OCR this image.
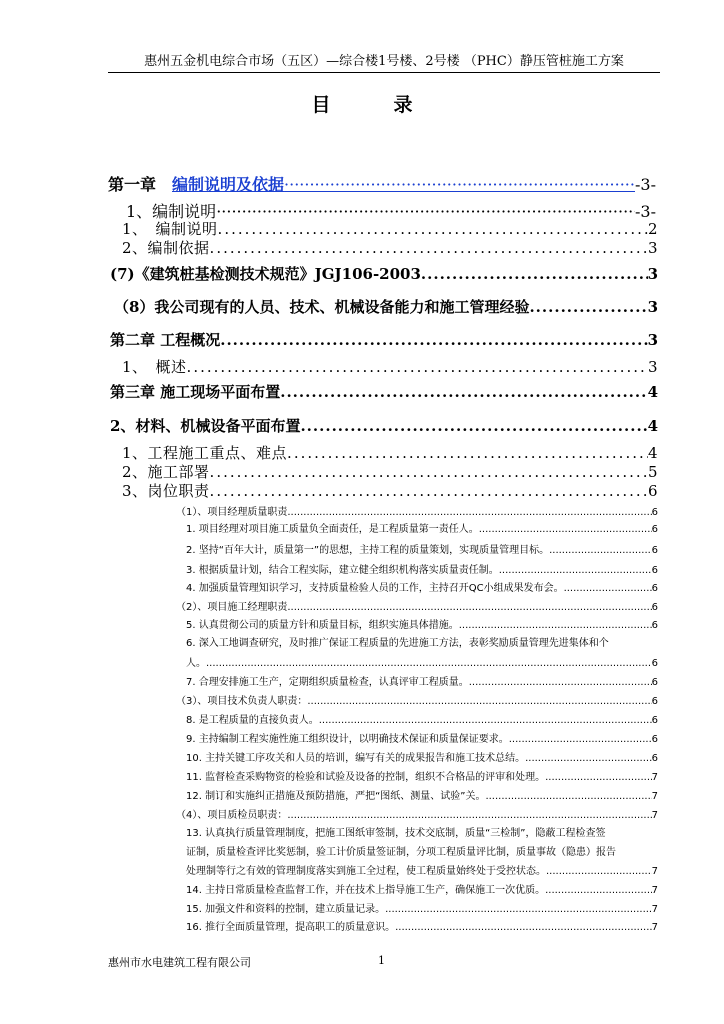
惠州五金机电综合市场（五区）—综合楼1号楼、2号楼 （PHC）静压管桩施工方案
目　录
第一章　 编制说明及依据 ·····	-3-
1、编制说明 ·····	-3-
1、　编制说明 .....	2
2、编制依据 .....	3
(7)《建筑桩基检测技术规范》JGJ106-2003 .....	3
（8）我公司现有的人员、技术、机械设备能力和施工管理经验 .....	3
第二章 工程概况 .....	3
1、　概述 .....	3
第三章 施工现场平面布置 .....	4
2、材料、机械设备平面布置 .....	4
1、工程施工重点、难点 .....	4
2、施工部署 .....	5
3、岗位职责 .....	6
（1）、项目经理质量职责 .....	6
1. 项目经理对项目施工质量负全面责任，是工程质量第一责任人。 .....	6
2. 坚持“百年大计，质量第一”的思想，主持工程的质量策划，实现质量管理目标。 .....	6
3. 根据质量计划，结合工程实际，建立健全组织机构落实质量责任制。 .....	6
4. 加强质量管理知识学习，支持质量检验人员的工作，主持召开QC小组成果发布会。 .....	6
（2）、项目施工经理职责 .....	6
5. 认真贯彻公司的质量方针和质量目标，组织实施具体措施。 .....	6
6. 深入工地调查研究，及时推广保证工程质量的先进施工方法，表彰奖励质量管理先进集体和个
人。 .....	6
7. 合理安排施工生产，定期组织质量检查，认真评审工程质量。 .....	6
（3）、项目技术负责人职责： .....	6
8. 是工程质量的直接负责人。 .....	6
9. 主持编制工程实施性施工组织设计，以明确技术保证和质量保证要求。 .....	6
10. 主持关键工序攻关和人员的培训，编写有关的成果报告和施工技术总结。 .....	6
11. 监督检查采购物资的检验和试验及设备的控制，组织不合格品的评审和处理。 .....	7
12. 制订和实施纠正措施及预防措施，严把“图纸、测量、试验”关。 .....	7
（4）、项目质检员职责： .....	7
13. 认真执行质量管理制度，把施工图纸审签制，技术交底制，质量“三检制”，隐蔽工程检查签
证制，质量检查评比奖惩制，验工计价质量签证制，分项工程质量评比制，质量事故（隐患）报告
处理制等行之有效的管理制度落实到施工全过程，使工程质量始终处于受控状态。 .....	7
14. 主持日常质量检查监督工作，并在技术上指导施工生产，确保施工一次优质。 .....	7
15. 加强文件和资料的控制，建立质量记录。 .....	7
16. 推行全面质量管理，提高职工的质量意识。 .....	7
惠州市水电建筑工程有限公司	1
